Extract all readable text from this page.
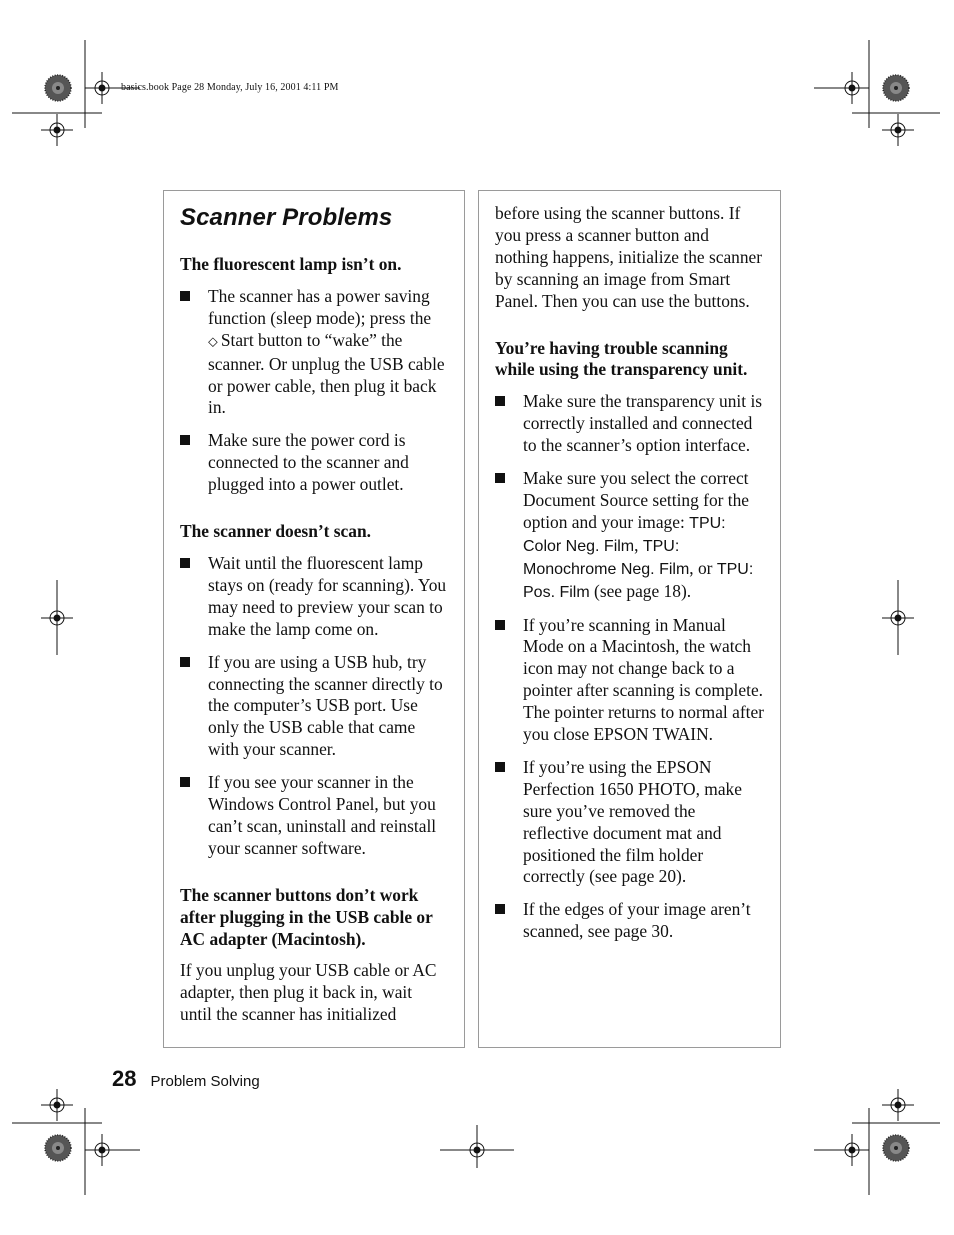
basics.book Page 28 Monday, July 16, 2001 4:11 PM
Scanner Problems

The fluorescent lamp isn’t on.

The scanner has a power saving function (sleep mode); press the
⬦ Start button to “wake” the scanner. Or unplug the USB cable or power cable, then plug it back in.
Make sure the power cord is connected to the scanner and plugged into a power outlet.

The scanner doesn’t scan.

Wait until the fluorescent lamp stays on (ready for scanning). You may need to preview your scan to make the lamp come on.
If you are using a USB hub, try connecting the scanner directly to the computer’s USB port. Use only the USB cable that came with your scanner.
If you see your scanner in the Windows Control Panel, but you can’t scan, uninstall and reinstall your scanner software.

The scanner buttons don’t work after plugging in the USB cable or AC adapter (Macintosh).

If you unplug your USB cable or AC adapter, then plug it back in, wait until the scanner has initialized

before using the scanner buttons. If you press a scanner button and nothing happens, initialize the scanner by scanning an image from Smart Panel. Then you can use the buttons.

You’re having trouble scanning while using the transparency unit.

Make sure the transparency unit is correctly installed and connected to the scanner’s option interface.
Make sure you select the correct Document Source setting for the option and your image: TPU: Color Neg. Film, TPU: Monochrome Neg. Film, or TPU: Pos. Film (see page 18).
If you’re scanning in Manual Mode on a Macintosh, the watch icon may not change back to a pointer after scanning is complete. The pointer returns to normal after you close EPSON TWAIN.
If you’re using the EPSON Perfection 1650 PHOTO, make sure you’ve removed the reflective document mat and positioned the film holder correctly (see page 20).
If the edges of your image aren’t scanned, see page 30.
28 Problem Solving
